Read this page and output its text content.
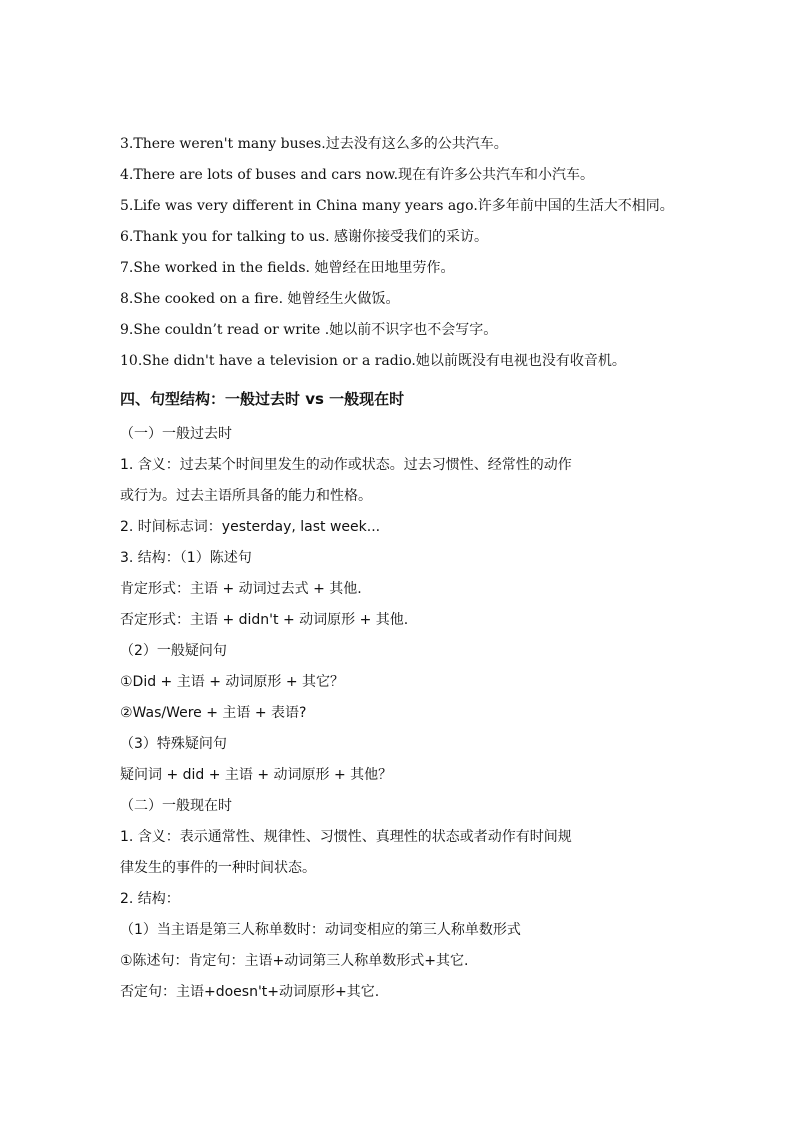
3.There weren't many buses.过去没有这么多的公共汽车。
4.There are lots of buses and cars now.现在有许多公共汽车和小汽车。
5.Life was very different in China many years ago.许多年前中国的生活大不相同。
6.Thank you for talking to us. 感谢你接受我们的采访。
7.She worked in the fields. 她曾经在田地里劳作。
8.She cooked on a fire. 她曾经生火做饭。
9.She couldn’t read or write .她以前不识字也不会写字。
10.She didn't have a television or a radio.她以前既没有电视也没有收音机。
四、句型结构：一般过去时 vs 一般现在时
（一）一般过去时
1. 含义：过去某个时间里发生的动作或状态。过去习惯性、经常性的动作
或行为。过去主语所具备的能力和性格。
2. 时间标志词：yesterday, last week...
3. 结构：（1）陈述句
肯定形式：主语 + 动词过去式 + 其他.
否定形式：主语 + didn't + 动词原形 + 其他.
（2）一般疑问句
①Did + 主语 + 动词原形 + 其它？
②Was/Were + 主语 + 表语?
（3）特殊疑问句
疑问词 + did + 主语 + 动词原形 + 其他？
（二）一般现在时
1. 含义：表示通常性、规律性、习惯性、真理性的状态或者动作有时间规
律发生的事件的一种时间状态。
2. 结构：
（1）当主语是第三人称单数时：动词变相应的第三人称单数形式
①陈述句：肯定句：主语+动词第三人称单数形式+其它.
否定句：主语+doesn't+动词原形+其它.
